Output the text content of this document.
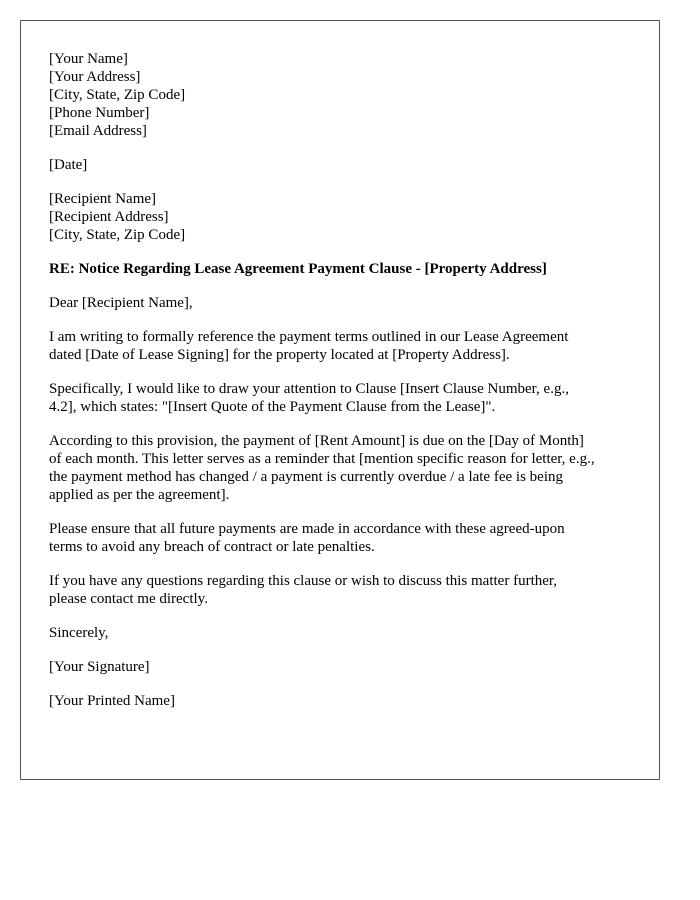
[Your Name]
[Your Address]
[City, State, Zip Code]
[Phone Number]
[Email Address]
[Date]
[Recipient Name]
[Recipient Address]
[City, State, Zip Code]
RE: Notice Regarding Lease Agreement Payment Clause - [Property Address]
Dear [Recipient Name],
I am writing to formally reference the payment terms outlined in our Lease Agreement
dated [Date of Lease Signing] for the property located at [Property Address].
Specifically, I would like to draw your attention to Clause [Insert Clause Number, e.g.,
4.2], which states: "[Insert Quote of the Payment Clause from the Lease]".
According to this provision, the payment of [Rent Amount] is due on the [Day of Month]
of each month. This letter serves as a reminder that [mention specific reason for letter, e.g.,
the payment method has changed / a payment is currently overdue / a late fee is being
applied as per the agreement].
Please ensure that all future payments are made in accordance with these agreed-upon
terms to avoid any breach of contract or late penalties.
If you have any questions regarding this clause or wish to discuss this matter further,
please contact me directly.
Sincerely,
[Your Signature]
[Your Printed Name]
